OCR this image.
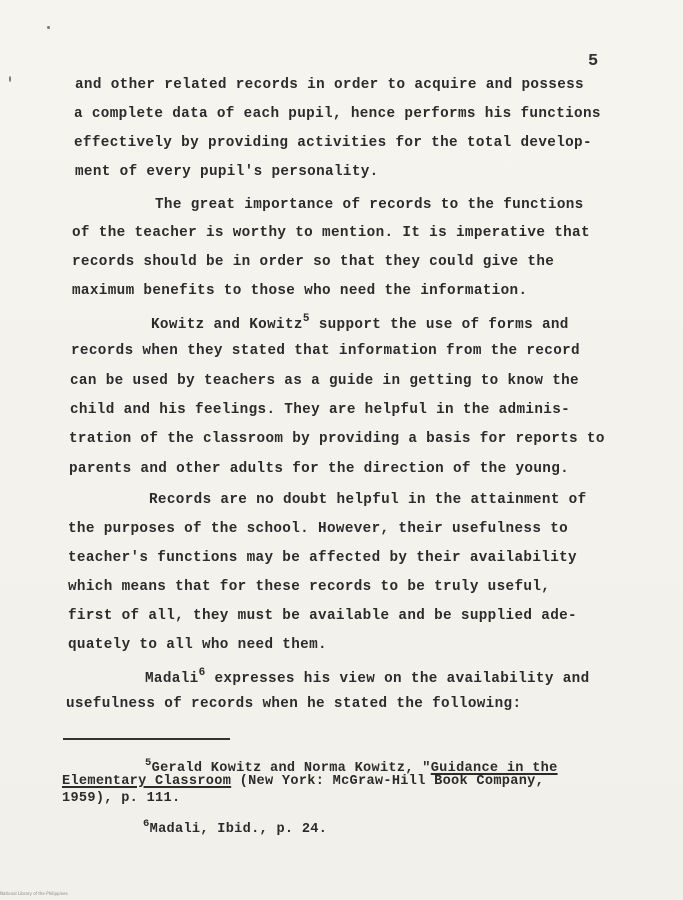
5
and other related records in order to acquire and possess
a complete data of each pupil, hence performs his functions
effectively by providing activities for the total develop-
ment of every pupil's personality.
The great importance of records to the functions
of the teacher is worthy to mention. It is imperative that
records should be in order so that they could give the
maximum benefits to those who need the information.
Kowitz and Kowitz$^5$ support the use of forms and
records when they stated that information from the record
can be used by teachers as a guide in getting to know the
child and his feelings. They are helpful in the adminis-
tration of the classroom by providing a basis for reports to
parents and other adults for the direction of the young.
Records are no doubt helpful in the attainment of
the purposes of the school. However, their usefulness to
teacher's functions may be affected by their availability
which means that for these records to be truly useful,
first of all, they must be available and be supplied ade-
quately to all who need them.
Madali$^6$ expresses his view on the availability and
usefulness of records when he stated the following:
$^5$Gerald Kowitz and Norma Kowitz, "Guidance in the
Elementary Classroom (New York: McGraw-Hill Book Company,
1959), p. 111.
$^6$Madali, Ibid., p. 24.
National Library of the Philippines
